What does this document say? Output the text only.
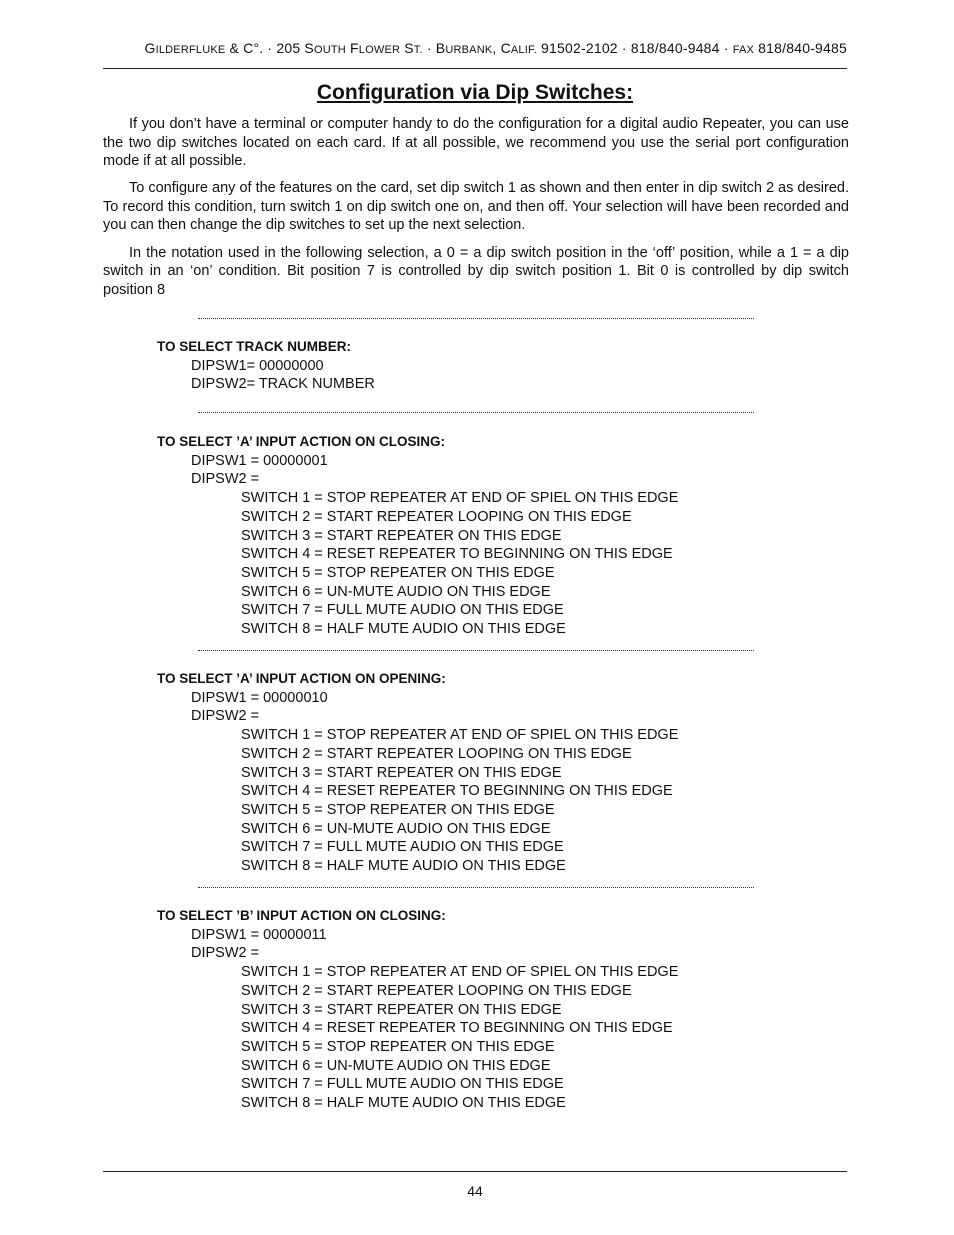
GILDERFLUKE & C°. · 205 SOUTH FLOWER ST. · BURBANK, CALIF. 91502-2102 · 818/840-9484 · FAX 818/840-9485
Configuration via Dip Switches:

If you don’t have a terminal or computer handy to do the configuration for a digital audio Repeater, you can use the two dip switches located on each card. If at all possible, we recommend you use the serial port configuration mode if at all possible.

To configure any of the features on the card, set dip switch 1 as shown and then enter in dip switch 2 as desired. To record this condition, turn switch 1 on dip switch one on, and then off. Your selection will have been recorded and you can then change the dip switches to set up the next selection.

In the notation used in the following selection, a 0 = a dip switch position in the ‘off’ position, while a 1 = a dip switch in an ‘on’ condition. Bit position 7 is controlled by dip switch position 1. Bit 0 is controlled by dip switch position 8

TO SELECT TRACK NUMBER:
DIPSW1= 00000000
DIPSW2= TRACK NUMBER
TO SELECT ’A’ INPUT ACTION ON CLOSING:
DIPSW1 = 00000001
DIPSW2 =
SWITCH 1 = STOP REPEATER AT END OF SPIEL ON THIS EDGE
SWITCH 2 = START REPEATER LOOPING ON THIS EDGE
SWITCH 3 = START REPEATER ON THIS EDGE
SWITCH 4 = RESET REPEATER TO BEGINNING ON THIS EDGE
SWITCH 5 = STOP REPEATER ON THIS EDGE
SWITCH 6 = UN-MUTE AUDIO ON THIS EDGE
SWITCH 7 = FULL MUTE AUDIO ON THIS EDGE
SWITCH 8 = HALF MUTE AUDIO ON THIS EDGE
TO SELECT ’A’ INPUT ACTION ON OPENING:
DIPSW1 = 00000010
DIPSW2 =
SWITCH 1 = STOP REPEATER AT END OF SPIEL ON THIS EDGE
SWITCH 2 = START REPEATER LOOPING ON THIS EDGE
SWITCH 3 = START REPEATER ON THIS EDGE
SWITCH 4 = RESET REPEATER TO BEGINNING ON THIS EDGE
SWITCH 5 = STOP REPEATER ON THIS EDGE
SWITCH 6 = UN-MUTE AUDIO ON THIS EDGE
SWITCH 7 = FULL MUTE AUDIO ON THIS EDGE
SWITCH 8 = HALF MUTE AUDIO ON THIS EDGE
TO SELECT ’B’ INPUT ACTION ON CLOSING:
DIPSW1 = 00000011
DIPSW2 =
SWITCH 1 = STOP REPEATER AT END OF SPIEL ON THIS EDGE
SWITCH 2 = START REPEATER LOOPING ON THIS EDGE
SWITCH 3 = START REPEATER ON THIS EDGE
SWITCH 4 = RESET REPEATER TO BEGINNING ON THIS EDGE
SWITCH 5 = STOP REPEATER ON THIS EDGE
SWITCH 6 = UN-MUTE AUDIO ON THIS EDGE
SWITCH 7 = FULL MUTE AUDIO ON THIS EDGE
SWITCH 8 = HALF MUTE AUDIO ON THIS EDGE
44
